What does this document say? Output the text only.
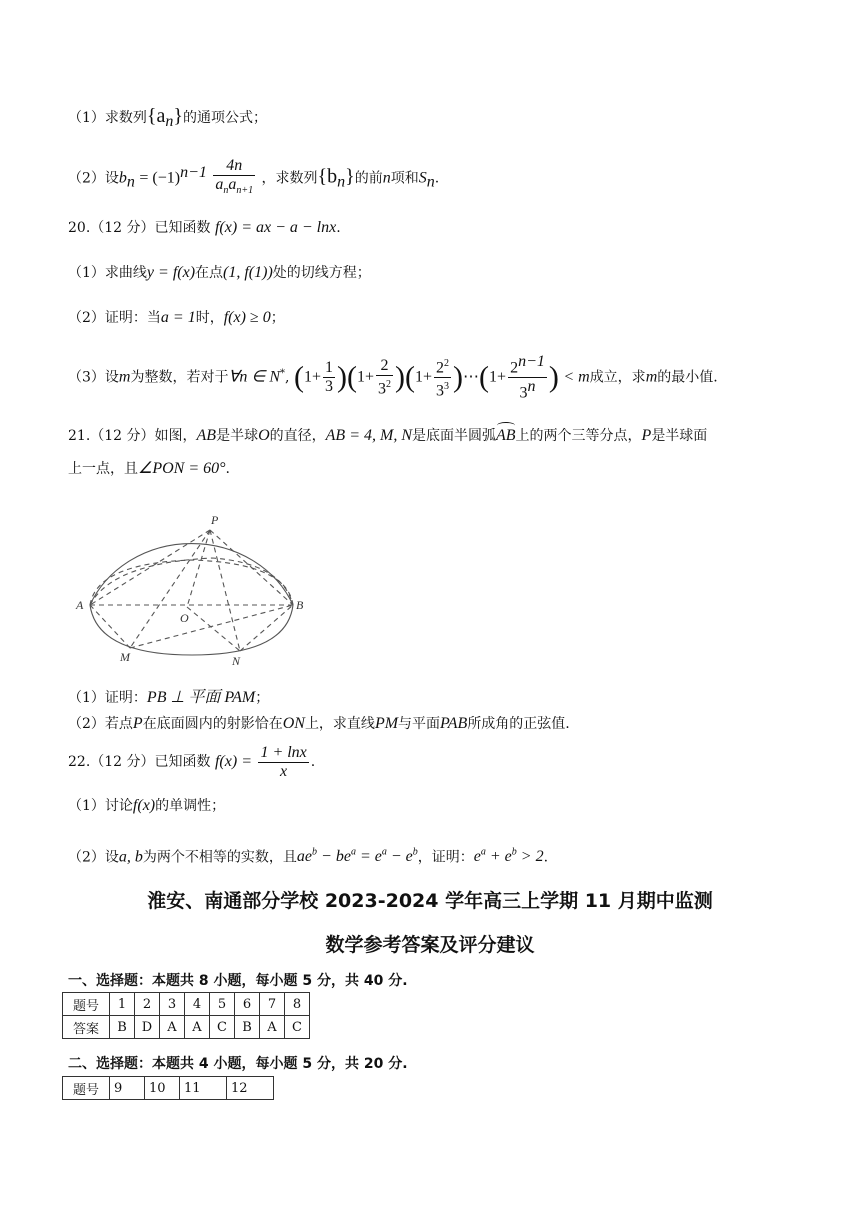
（1）求数列$\{a_n\}$的通项公式；
（2）设$b_n = (-1)^{n-1} \frac{4n}{a_na_{n+1}}$ ，求数列$\{b_n\}$的前n项和$S_n$.
20.（12 分）已知函数 f(x) = ax − a − lnx.
（1）求曲线y = f(x)在点(1, f(1))处的切线方程；
（2）证明：当a = 1时，f(x) ≥ 0；
（3）设m为整数，若对于∀n ∈ N*, $(1+ \frac{1}{3} )(1+ \frac{2}{3^2} )(1+ \frac{2^2}{3^3}$ )⋯(1+ $\frac{2^{n-1}}{3^n}$ ) < m成立，求m的最小值.
21.（12 分）如图，AB是半球O的直径，AB = 4, M, N是底面半圆弧AB上的两个三等分点，P是半球面
上一点，且∠PON = 60°.
P
A	B
O
M	N
（1）证明：PB ⊥ 平面 PAM；
（2）若点P在底面圆内的射影恰在ON上，求直线PM与平面PAB所成角的正弦值.
22.（12 分）已知函数 $f(x) = \frac{1 + \ln x}{x}$ .
（1）讨论f(x)的单调性；
（2）设a, b为两个不相等的实数，且$ae^b - be^a = e^a - e^b$，证明：$e^a + e^b > 2$.
淮安、南通部分学校 2023-2024 学年高三上学期 11 月期中监测
数学参考答案及评分建议
一、选择题：本题共 8 小题，每小题 5 分，共 40 分.
题号	1	2	3	4	5	6	7	8
答案	B	D	A	A	C	B	A	C
二、选择题：本题共 4 小题，每小题 5 分，共 20 分.
题号	9	10	11	12
